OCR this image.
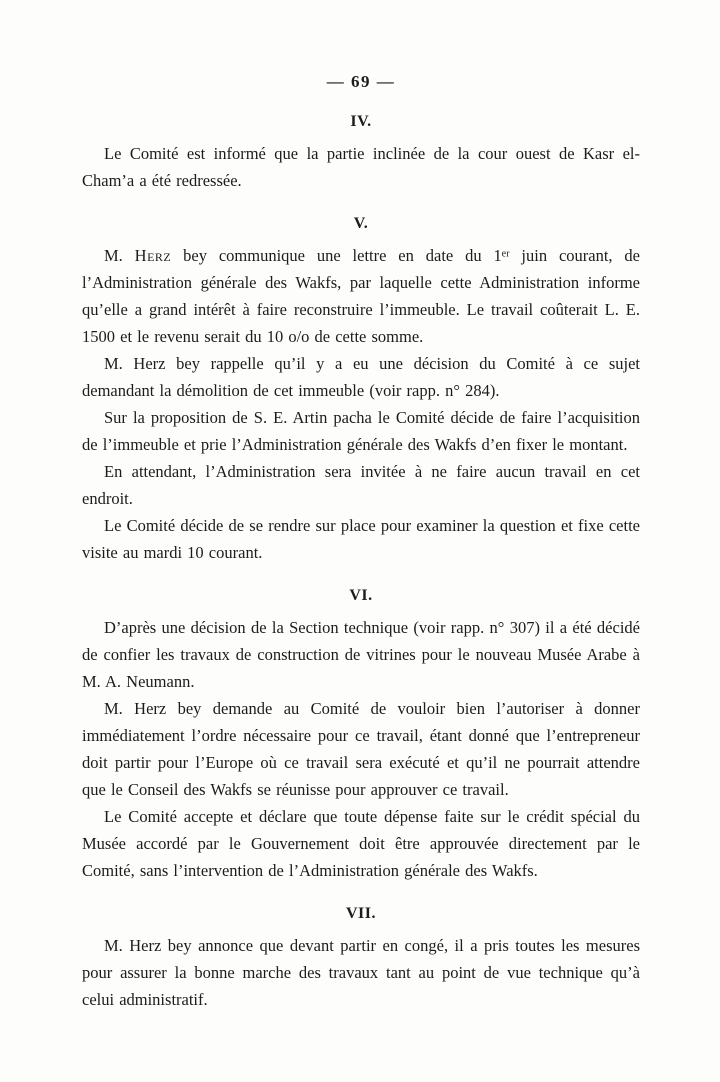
— 69 —
IV.

Le Comité est informé que la partie inclinée de la cour ouest de Kasr el-Cham’a a été redressée.

V.

M. Herz bey communique une lettre en date du 1ᵉʳ juin courant, de l’Administration générale des Wakfs, par laquelle cette Administration informe qu’elle a grand intérêt à faire reconstruire l’immeuble. Le travail coûterait L. E. 1500 et le revenu serait du 10 o/o de cette somme.

M. Herz bey rappelle qu’il y a eu une décision du Comité à ce sujet demandant la démolition de cet immeuble (voir rapp. n° 284).

Sur la proposition de S. E. Artin pacha le Comité décide de faire l’acquisition de l’immeuble et prie l’Administration générale des Wakfs d’en fixer le montant.

En attendant, l’Administration sera invitée à ne faire aucun travail en cet endroit.

Le Comité décide de se rendre sur place pour examiner la question et fixe cette visite au mardi 10 courant.

VI.

D’après une décision de la Section technique (voir rapp. n° 307) il a été décidé de confier les travaux de construction de vitrines pour le nouveau Musée Arabe à M. A. Neumann.

M. Herz bey demande au Comité de vouloir bien l’autoriser à donner immédiatement l’ordre nécessaire pour ce travail, étant donné que l’entrepreneur doit partir pour l’Europe où ce travail sera exécuté et qu’il ne pourrait attendre que le Conseil des Wakfs se réunisse pour approuver ce travail.

Le Comité accepte et déclare que toute dépense faite sur le crédit spécial du Musée accordé par le Gouvernement doit être approuvée directement par le Comité, sans l’intervention de l’Administration générale des Wakfs.

VII.

M. Herz bey annonce que devant partir en congé, il a pris toutes les mesures pour assurer la bonne marche des travaux tant au point de vue technique qu’à celui administratif.
